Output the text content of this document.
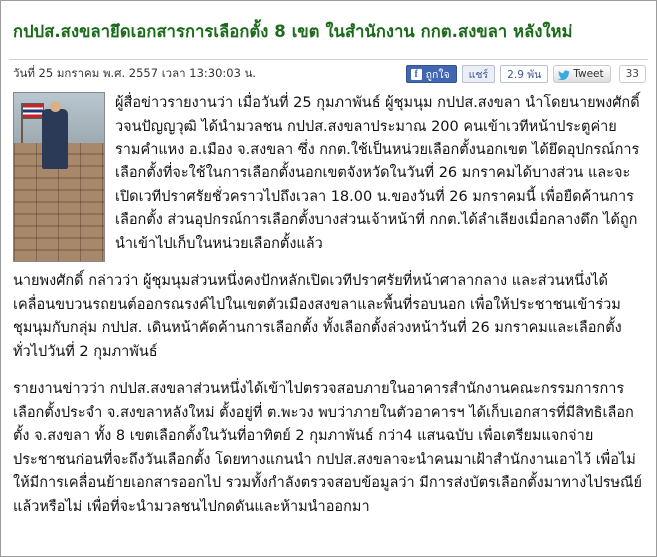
กปปส.สงขลายึดเอกสารการเลือกตั้ง 8 เขต ในสำนักงาน กกต.สงขลา หลังใหม่
วันที่ 25 มกราคม พ.ศ. 2557 เวลา 13:30:03 น.	f ถูกใจ แชร์	2.9 พัน	Tweet	33

ผู้สื่อข่าวรายงานว่า เมื่อวันที่ 25 กุมภาพันธ์ ผู้ชุมนุม กปปส.สงขลา นำโดยนายพงศักดิ์ วจนปัญญวุฒิ ได้นำมวลชน กปปส.สงขลาประมาณ 200 คนเข้าเวทีหน้าประตูค่ายรามคำแหง อ.เมือง จ.สงขลา ซึ่ง กกต.ใช้เป็นหน่วยเลือกตั้งนอกเขต ได้ยึดอุปกรณ์การเลือกตั้งที่จะใช้ในการเลือกตั้งนอกเขตจังหวัดในวันที่ 26 มกราคมได้บางส่วน และจะเปิดเวทีปราศรัยชั่วคราวไปถึงเวลา 18.00 น.ของวันที่ 26 มกราคมนี้ เพื่อยืดค้านการเลือกตั้ง ส่วนอุปกรณ์การเลือกตั้งบางส่วนเจ้าหน้าที่ กกต.ได้ลำเลียงเมื่อกลางดึก ได้ถูกนำเข้าไปเก็บในหน่วยเลือกตั้งแล้ว

นายพงศักดิ์ กล่าวว่า ผู้ชุมนุมส่วนหนึ่งคงปักหลักเปิดเวทีปราศรัยที่หน้าศาลากลาง และส่วนหนึ่งได้เคลื่อนขบวนรถยนต์ออกรณรงค์ไปในเขตตัวเมืองสงขลาและพื้นที่รอบนอก เพื่อให้ประชาชนเข้าร่วมชุมนุมกับกลุ่ม กปปส. เดินหน้าคัดค้านการเลือกตั้ง ทั้งเลือกตั้งล่วงหน้าวันที่ 26 มกราคมและเลือกตั้งทั่วไปวันที่ 2 กุมภาพันธ์

รายงานข่าวว่า กปปส.สงขลาส่วนหนึ่งได้เข้าไปตรวจสอบภายในอาคารสำนักงานคณะกรรมการการเลือกตั้งประจำ จ.สงขลาหลังใหม่ ตั้งอยู่ที่ ต.พะวง พบว่าภายในตัวอาคารฯ ได้เก็บเอกสารที่มีสิทธิเลือกตั้ง จ.สงขลา ทั้ง 8 เขตเลือกตั้งในวันที่อาทิตย์ 2 กุมภาพันธ์ กว่า4 แสนฉบับ เพื่อเตรียมแจกจ่ายประชาชนก่อนที่จะถึงวันเลือกตั้ง โดยทางแกนนำ กปปส.สงขลาจะนำคนมาเฝ้าสำนักงานเอาไว้ เพื่อไม่ให้มีการเคลื่อนย้ายเอกสารออกไป รวมทั้งกำลังตรวจสอบข้อมูลว่า มีการส่งบัตรเลือกตั้งมาทางไปรษณีย์แล้วหรือไม่ เพื่อที่จะนำมวลชนไปกดดันและห้ามนำออกมา
